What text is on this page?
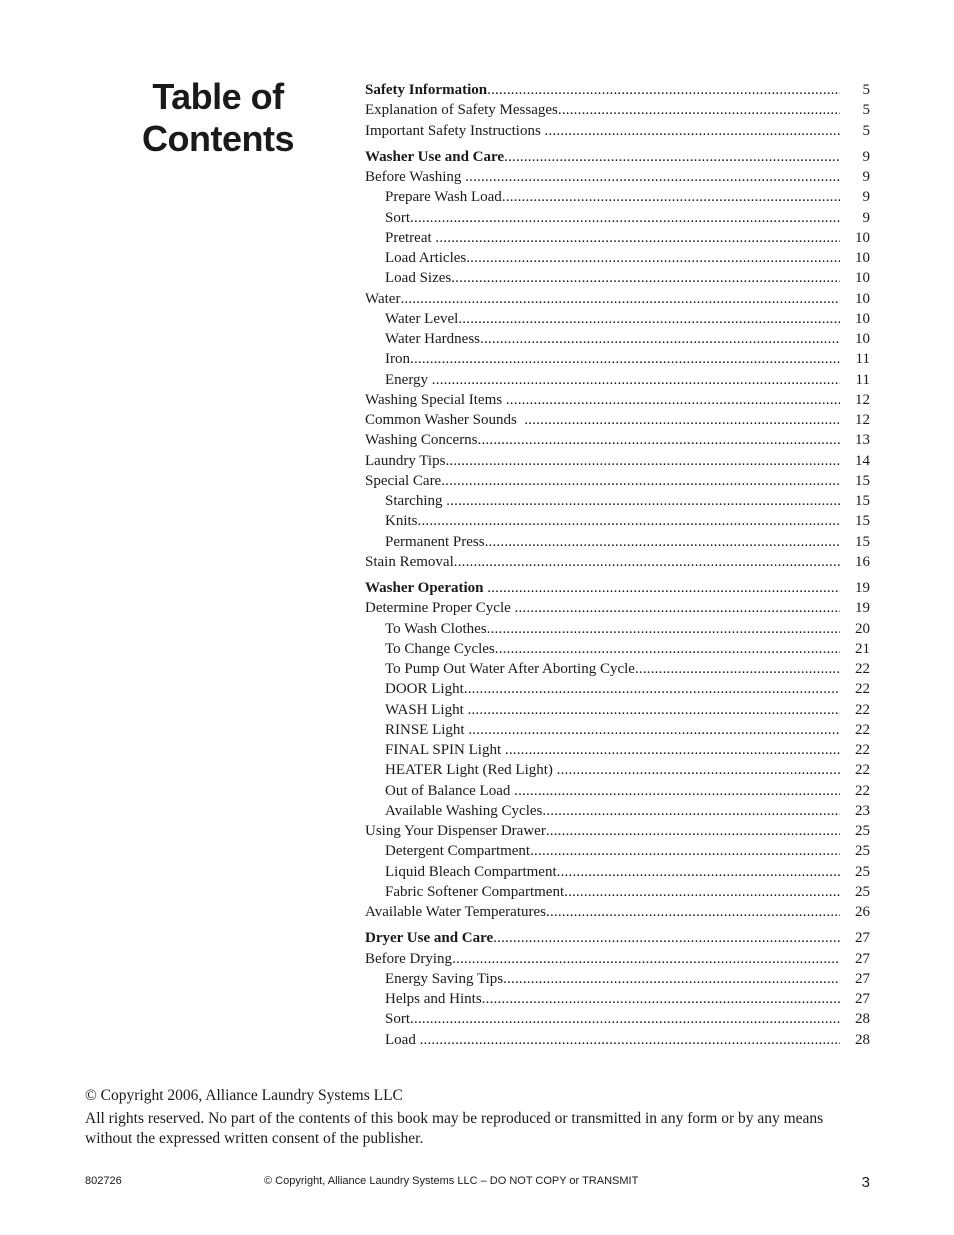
Table of
Contents
Safety Information .....	5
Explanation of Safety Messages .....	5
Important Safety Instructions .....	5
Washer Use and Care .....	9
Before Washing .....	9
Prepare Wash Load .....	9
Sort .....	9
Pretreat .....	10
Load Articles .....	10
Load Sizes .....	10
Water .....	10
Water Level .....	10
Water Hardness .....	10
Iron .....	11
Energy .....	11
Washing Special Items .....	12
Common Washer Sounds .....	12
Washing Concerns .....	13
Laundry Tips .....	14
Special Care .....	15
Starching .....	15
Knits .....	15
Permanent Press .....	15
Stain Removal .....	16
Washer Operation .....	19
Determine Proper Cycle .....	19
To Wash Clothes .....	20
To Change Cycles .....	21
To Pump Out Water After Aborting Cycle .....	22
DOOR Light .....	22
WASH Light .....	22
RINSE Light .....	22
FINAL SPIN Light .....	22
HEATER Light (Red Light) .....	22
Out of Balance Load .....	22
Available Washing Cycles .....	23
Using Your Dispenser Drawer .....	25
Detergent Compartment .....	25
Liquid Bleach Compartment .....	25
Fabric Softener Compartment .....	25
Available Water Temperatures .....	26
Dryer Use and Care .....	27
Before Drying .....	27
Energy Saving Tips .....	27
Helps and Hints .....	27
Sort .....	28
Load .....	28
© Copyright 2006, Alliance Laundry Systems LLC
All rights reserved. No part of the contents of this book may be reproduced or transmitted in any form or by any means without the expressed written consent of the publisher.
802726	© Copyright, Alliance Laundry Systems LLC – DO NOT COPY or TRANSMIT	3
